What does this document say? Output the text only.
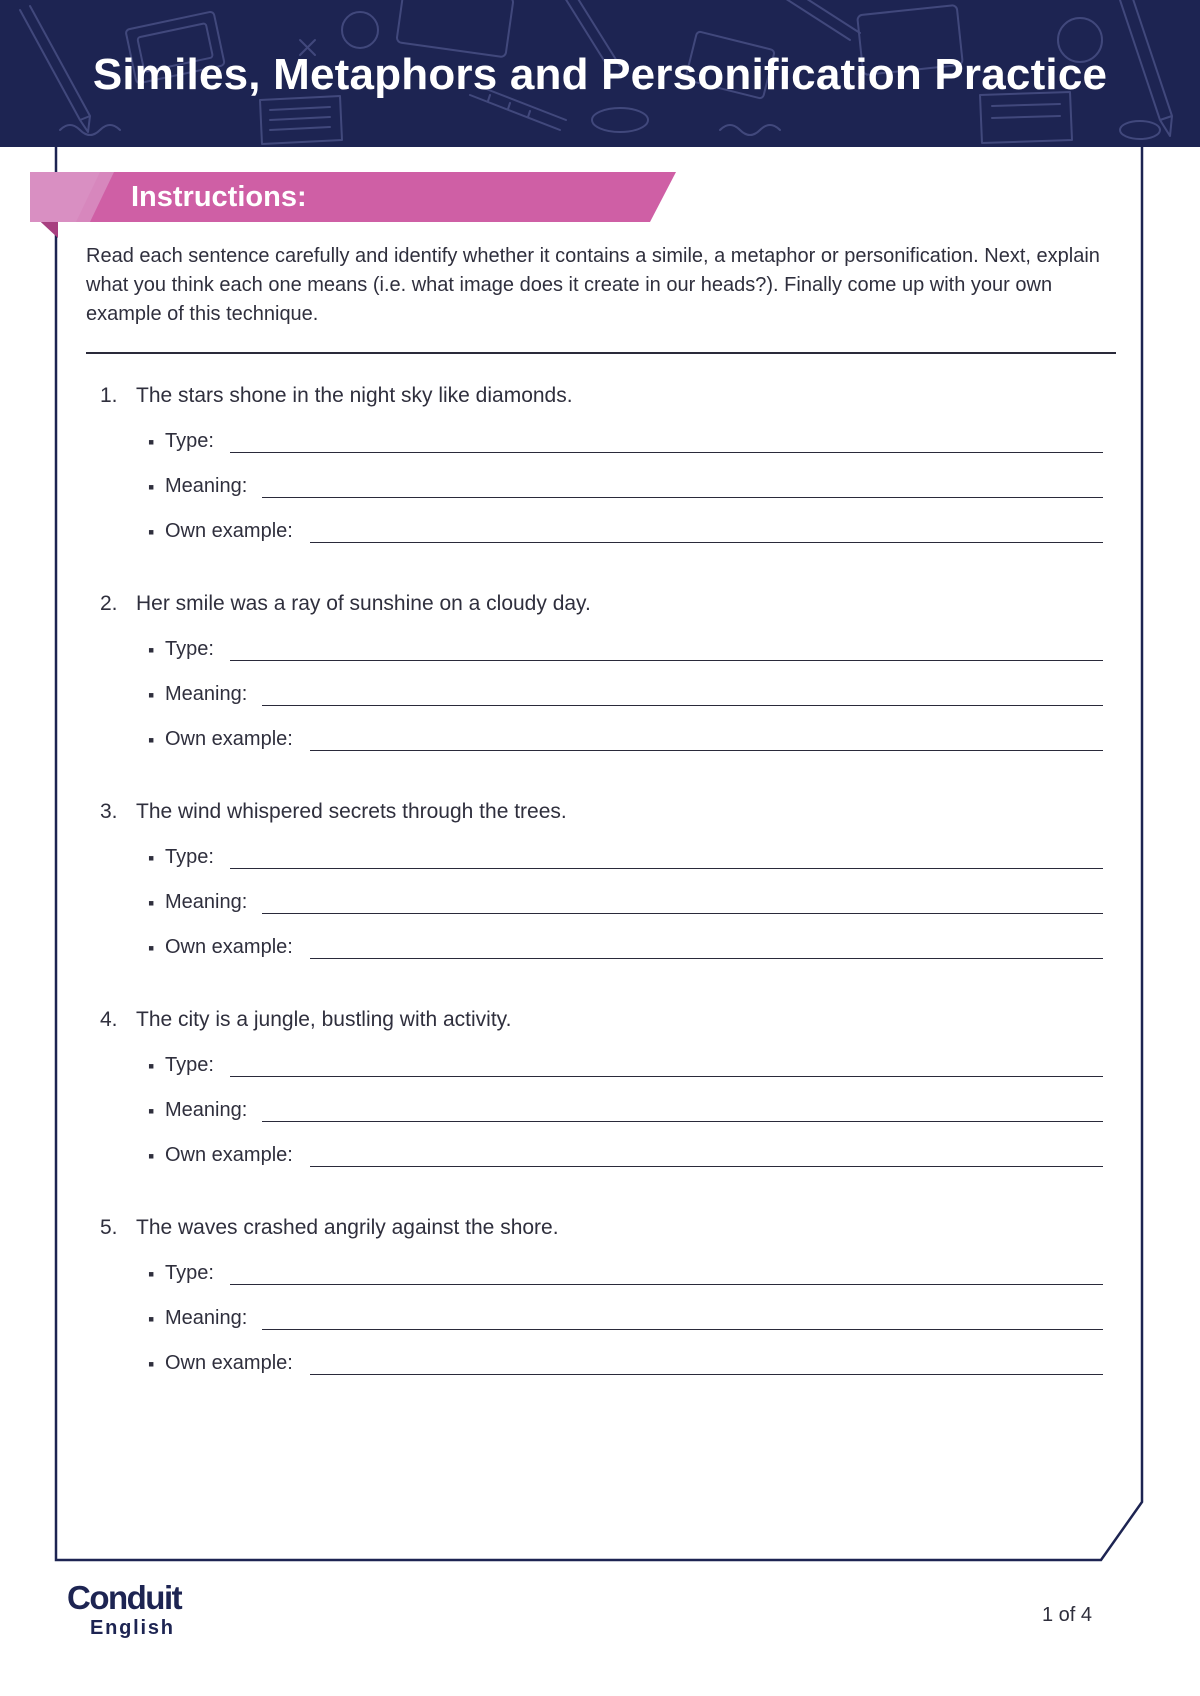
Similes, Metaphors and Personification Practice
Instructions:

Read each sentence carefully and identify whether it contains a simile, a metaphor or personification. Next, explain what you think each one means (i.e. what image does it create in our heads?). Finally come up with your own example of this technique.

1. The stars shone in the night sky like diamonds.
▪ Type:
▪ Meaning:
▪ Own example:
2. Her smile was a ray of sunshine on a cloudy day.
▪ Type:
▪ Meaning:
▪ Own example:
3. The wind whispered secrets through the trees.
▪ Type:
▪ Meaning:
▪ Own example:
4. The city is a jungle, bustling with activity.
▪ Type:
▪ Meaning:
▪ Own example:
5. The waves crashed angrily against the shore.
▪ Type:
▪ Meaning:
▪ Own example:
Conduit
English
1 of 4
